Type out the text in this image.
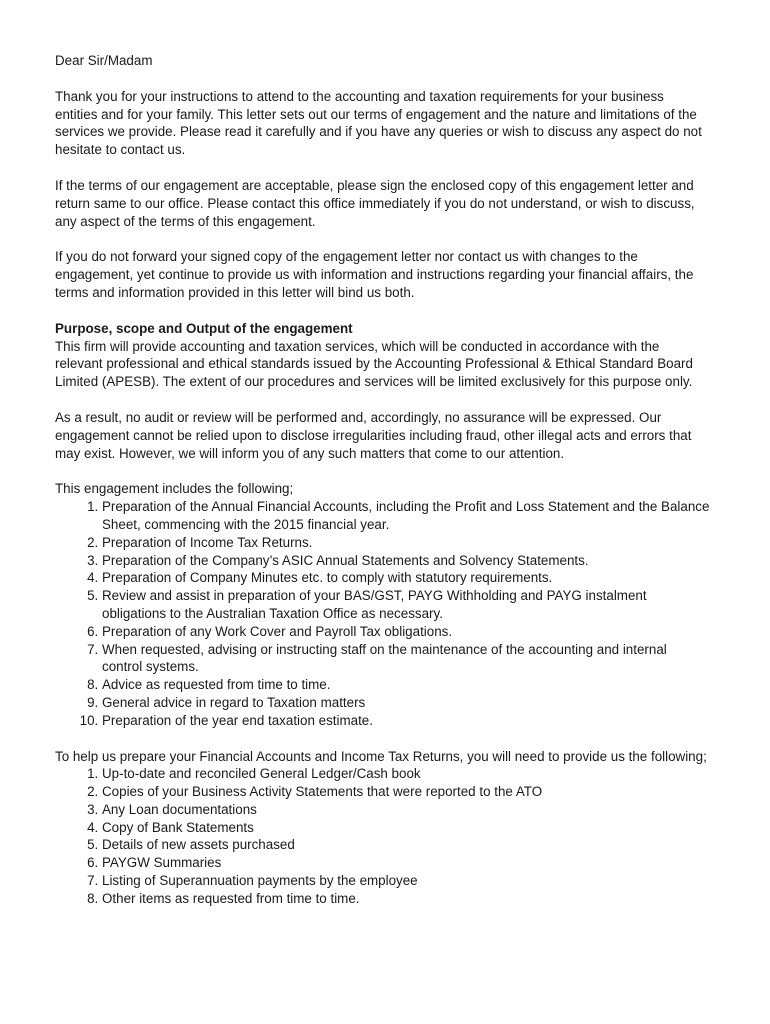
Dear Sir/Madam

Thank you for your instructions to attend to the accounting and taxation requirements for your business entities and for your family. This letter sets out our terms of engagement and the nature and limitations of the services we provide. Please read it carefully and if you have any queries or wish to discuss any aspect do not hesitate to contact us.

If the terms of our engagement are acceptable, please sign the enclosed copy of this engagement letter and return same to our office. Please contact this office immediately if you do not understand, or wish to discuss, any aspect of the terms of this engagement.

If you do not forward your signed copy of the engagement letter nor contact us with changes to the engagement, yet continue to provide us with information and instructions regarding your financial affairs, the terms and information provided in this letter will bind us both.

Purpose, scope and Output of the engagement

This firm will provide accounting and taxation services, which will be conducted in accordance with the relevant professional and ethical standards issued by the Accounting Professional & Ethical Standard Board Limited (APESB). The extent of our procedures and services will be limited exclusively for this purpose only.

As a result, no audit or review will be performed and, accordingly, no assurance will be expressed. Our engagement cannot be relied upon to disclose irregularities including fraud, other illegal acts and errors that may exist. However, we will inform you of any such matters that come to our attention.

This engagement includes the following;

1. Preparation of the Annual Financial Accounts, including the Profit and Loss Statement and the Balance Sheet, commencing with the 2015 financial year.
2. Preparation of Income Tax Returns.
3. Preparation of the Company’s ASIC Annual Statements and Solvency Statements.
4. Preparation of Company Minutes etc. to comply with statutory requirements.
5. Review and assist in preparation of your BAS/GST, PAYG Withholding and PAYG instalment obligations to the Australian Taxation Office as necessary.
6. Preparation of any Work Cover and Payroll Tax obligations.
7. When requested, advising or instructing staff on the maintenance of the accounting and internal control systems.
8. Advice as requested from time to time.
9. General advice in regard to Taxation matters
10. Preparation of the year end taxation estimate.

To help us prepare your Financial Accounts and Income Tax Returns, you will need to provide us the following;

1. Up-to-date and reconciled General Ledger/Cash book
2. Copies of your Business Activity Statements that were reported to the ATO
3. Any Loan documentations
4. Copy of Bank Statements
5. Details of new assets purchased
6. PAYGW Summaries
7. Listing of Superannuation payments by the employee
8. Other items as requested from time to time.
